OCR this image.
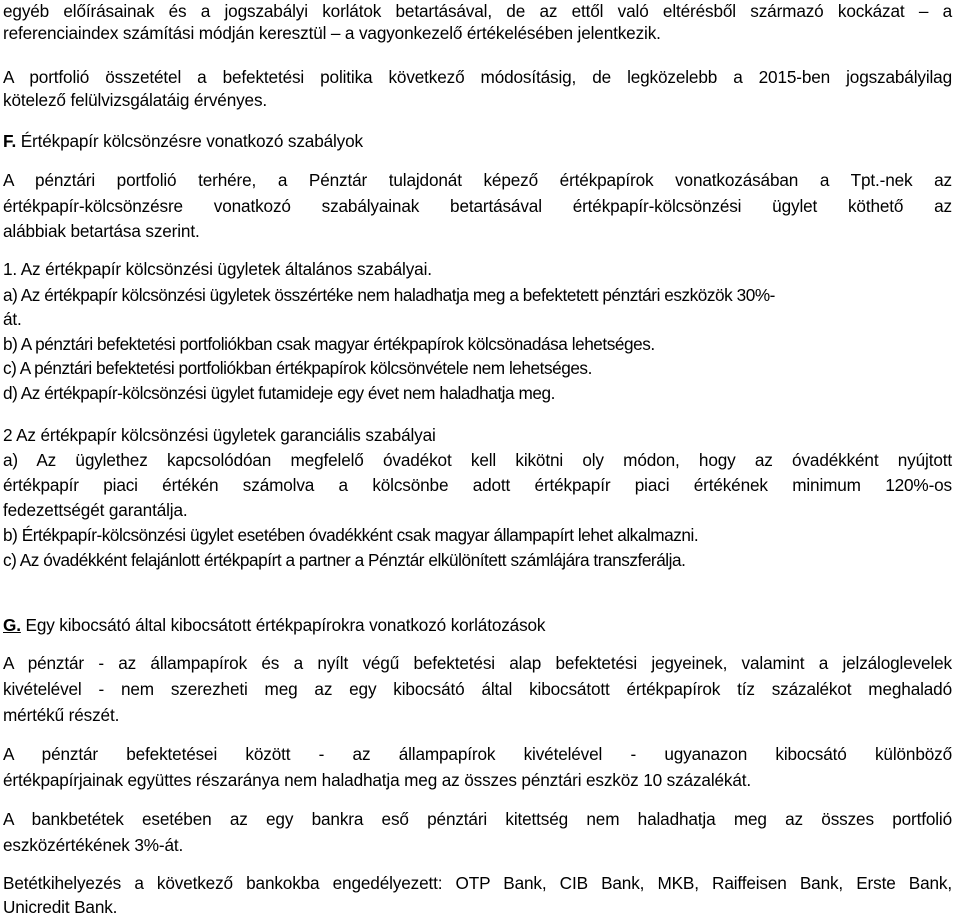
egyéb előírásainak és a jogszabályi korlátok betartásával, de az ettől való eltérésből származó kockázat – a
referenciaindex számítási módján keresztül – a vagyonkezelő értékelésében jelentkezik.
A portfolió összetétel a befektetési politika következő módosításig, de legközelebb a 2015-ben jogszabályilag
kötelező felülvizsgálatáig érvényes.
F. Értékpapír kölcsönzésre vonatkozó szabályok
A pénztári portfolió terhére, a Pénztár tulajdonát képező értékpapírok vonatkozásában a Tpt.-nek az
értékpapír-kölcsönzésre vonatkozó szabályainak betartásával értékpapír-kölcsönzési ügylet köthető az
alábbiak betartása szerint.
1. Az értékpapír kölcsönzési ügyletek általános szabályai.
a) Az értékpapír kölcsönzési ügyletek összértéke nem haladhatja meg a befektetett pénztári eszközök 30%-
át.
b) A pénztári befektetési portfoliókban csak magyar értékpapírok kölcsönadása lehetséges.
c) A pénztári befektetési portfoliókban értékpapírok kölcsönvétele nem lehetséges.
d) Az értékpapír-kölcsönzési ügylet futamideje egy évet nem haladhatja meg.
2 Az értékpapír kölcsönzési ügyletek garanciális szabályai
a) Az ügylethez kapcsolódóan megfelelő óvadékot kell kikötni oly módon, hogy az óvadékként nyújtott
értékpapír piaci értékén számolva a kölcsönbe adott értékpapír piaci értékének minimum 120%-os
fedezettségét garantálja.
b) Értékpapír-kölcsönzési ügylet esetében óvadékként csak magyar állampapírt lehet alkalmazni.
c) Az óvadékként felajánlott értékpapírt a partner a Pénztár elkülönített számlájára transzferálja.
G. Egy kibocsátó által kibocsátott értékpapírokra vonatkozó korlátozások
A pénztár - az állampapírok és a nyílt végű befektetési alap befektetési jegyeinek, valamint a jelzáloglevelek
kivételével - nem szerezheti meg az egy kibocsátó által kibocsátott értékpapírok tíz százalékot meghaladó
mértékű részét.
A pénztár befektetései között - az állampapírok kivételével - ugyanazon kibocsátó különböző
értékpapírjainak együttes részaránya nem haladhatja meg az összes pénztári eszköz 10 százalékát.
A bankbetétek esetében az egy bankra eső pénztári kitettség nem haladhatja meg az összes portfolió
eszközértékének 3%-át.
Betétkihelyezés a következő bankokba engedélyezett: OTP Bank, CIB Bank, MKB, Raiffeisen Bank, Erste Bank,
Unicredit Bank.
